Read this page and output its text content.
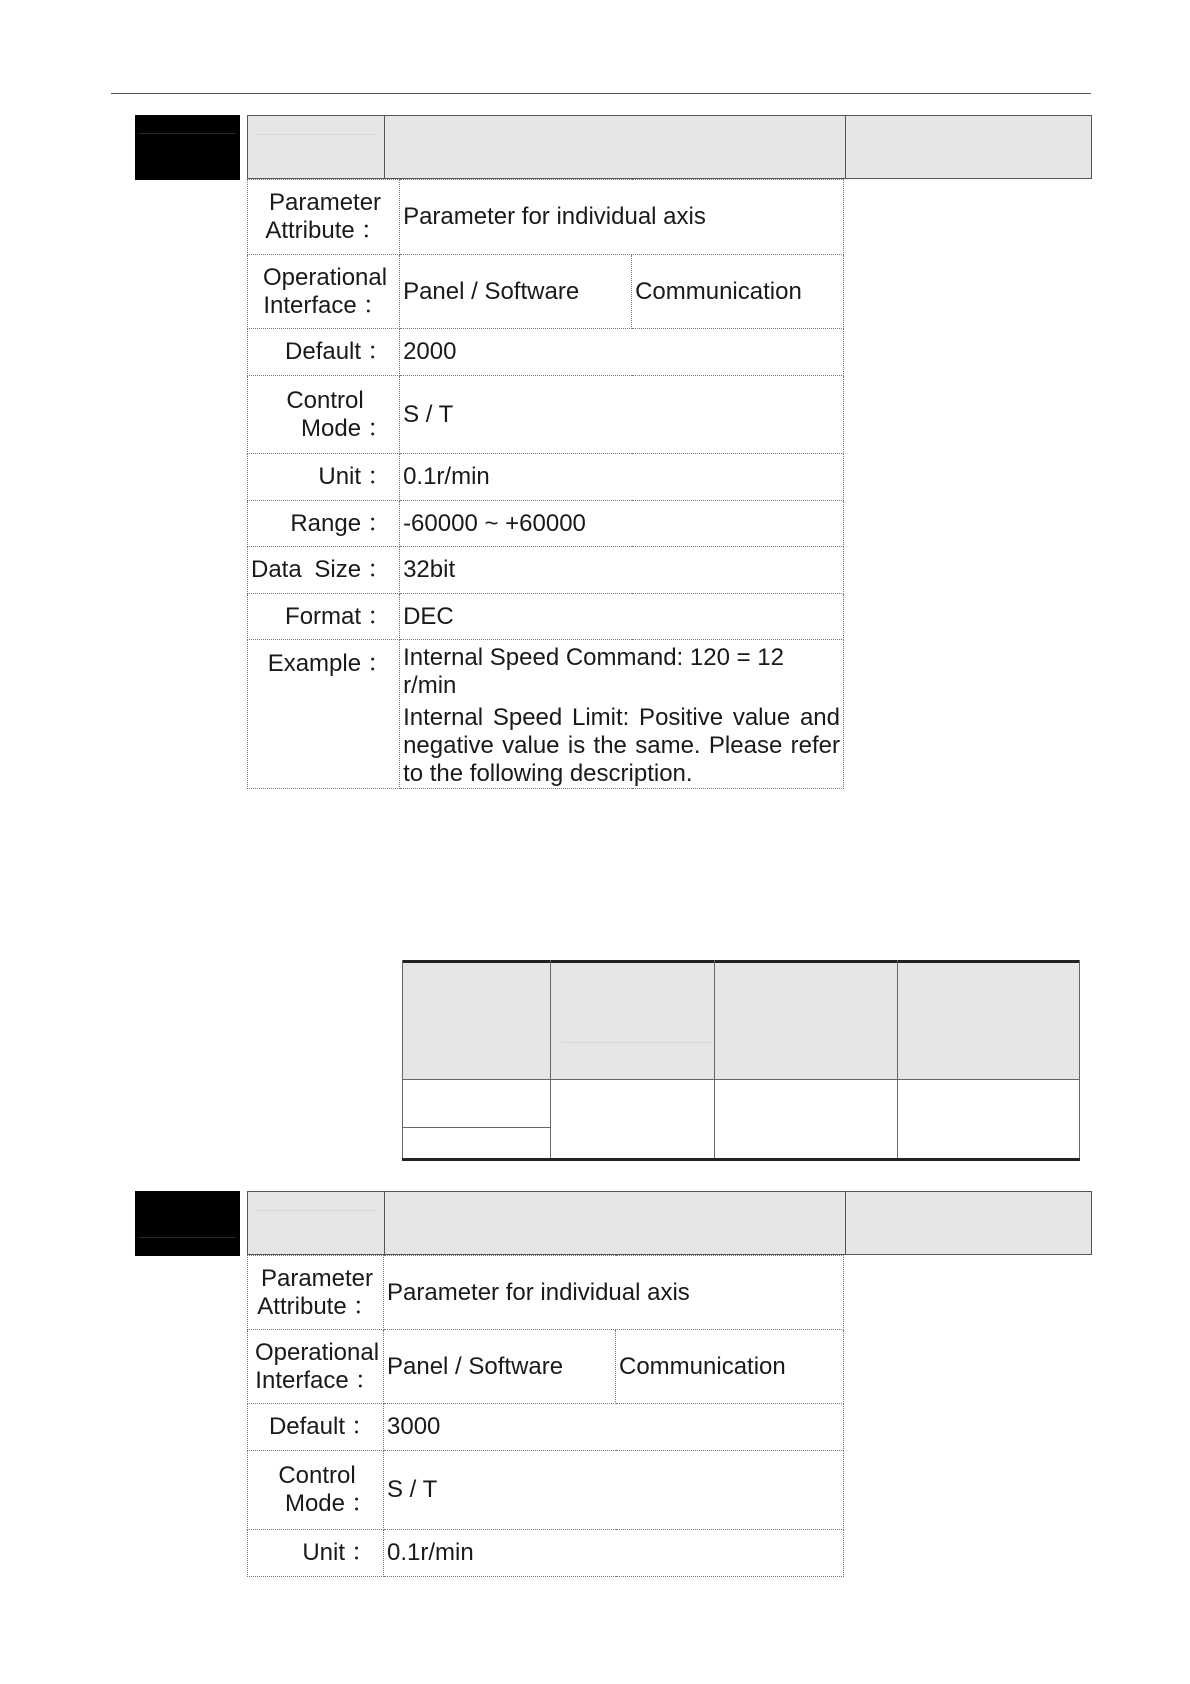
Parameter
Attribute ：	Parameter for individual axis	

Operational
Interface ：	Panel / Software	Communication
Default ：	2000	

Control
Mode ：	S / T	
Unit ：	0.1r/min	
Range ：	-60000 ~ +60000	
Data Size ：	32bit	
Format ：	DEC	
Example ：	Internal Speed Command: 120 = 12 r/min
Internal Speed Limit: Positive value and negative value is the same. Please refer to the following description.	
Parameter
Attribute ：	Parameter for individual axis	

Operational
Interface ：	Panel / Software	Communication
Default ：	3000	

Control
Mode ：	S / T	
Unit ：	0.1r/min	
